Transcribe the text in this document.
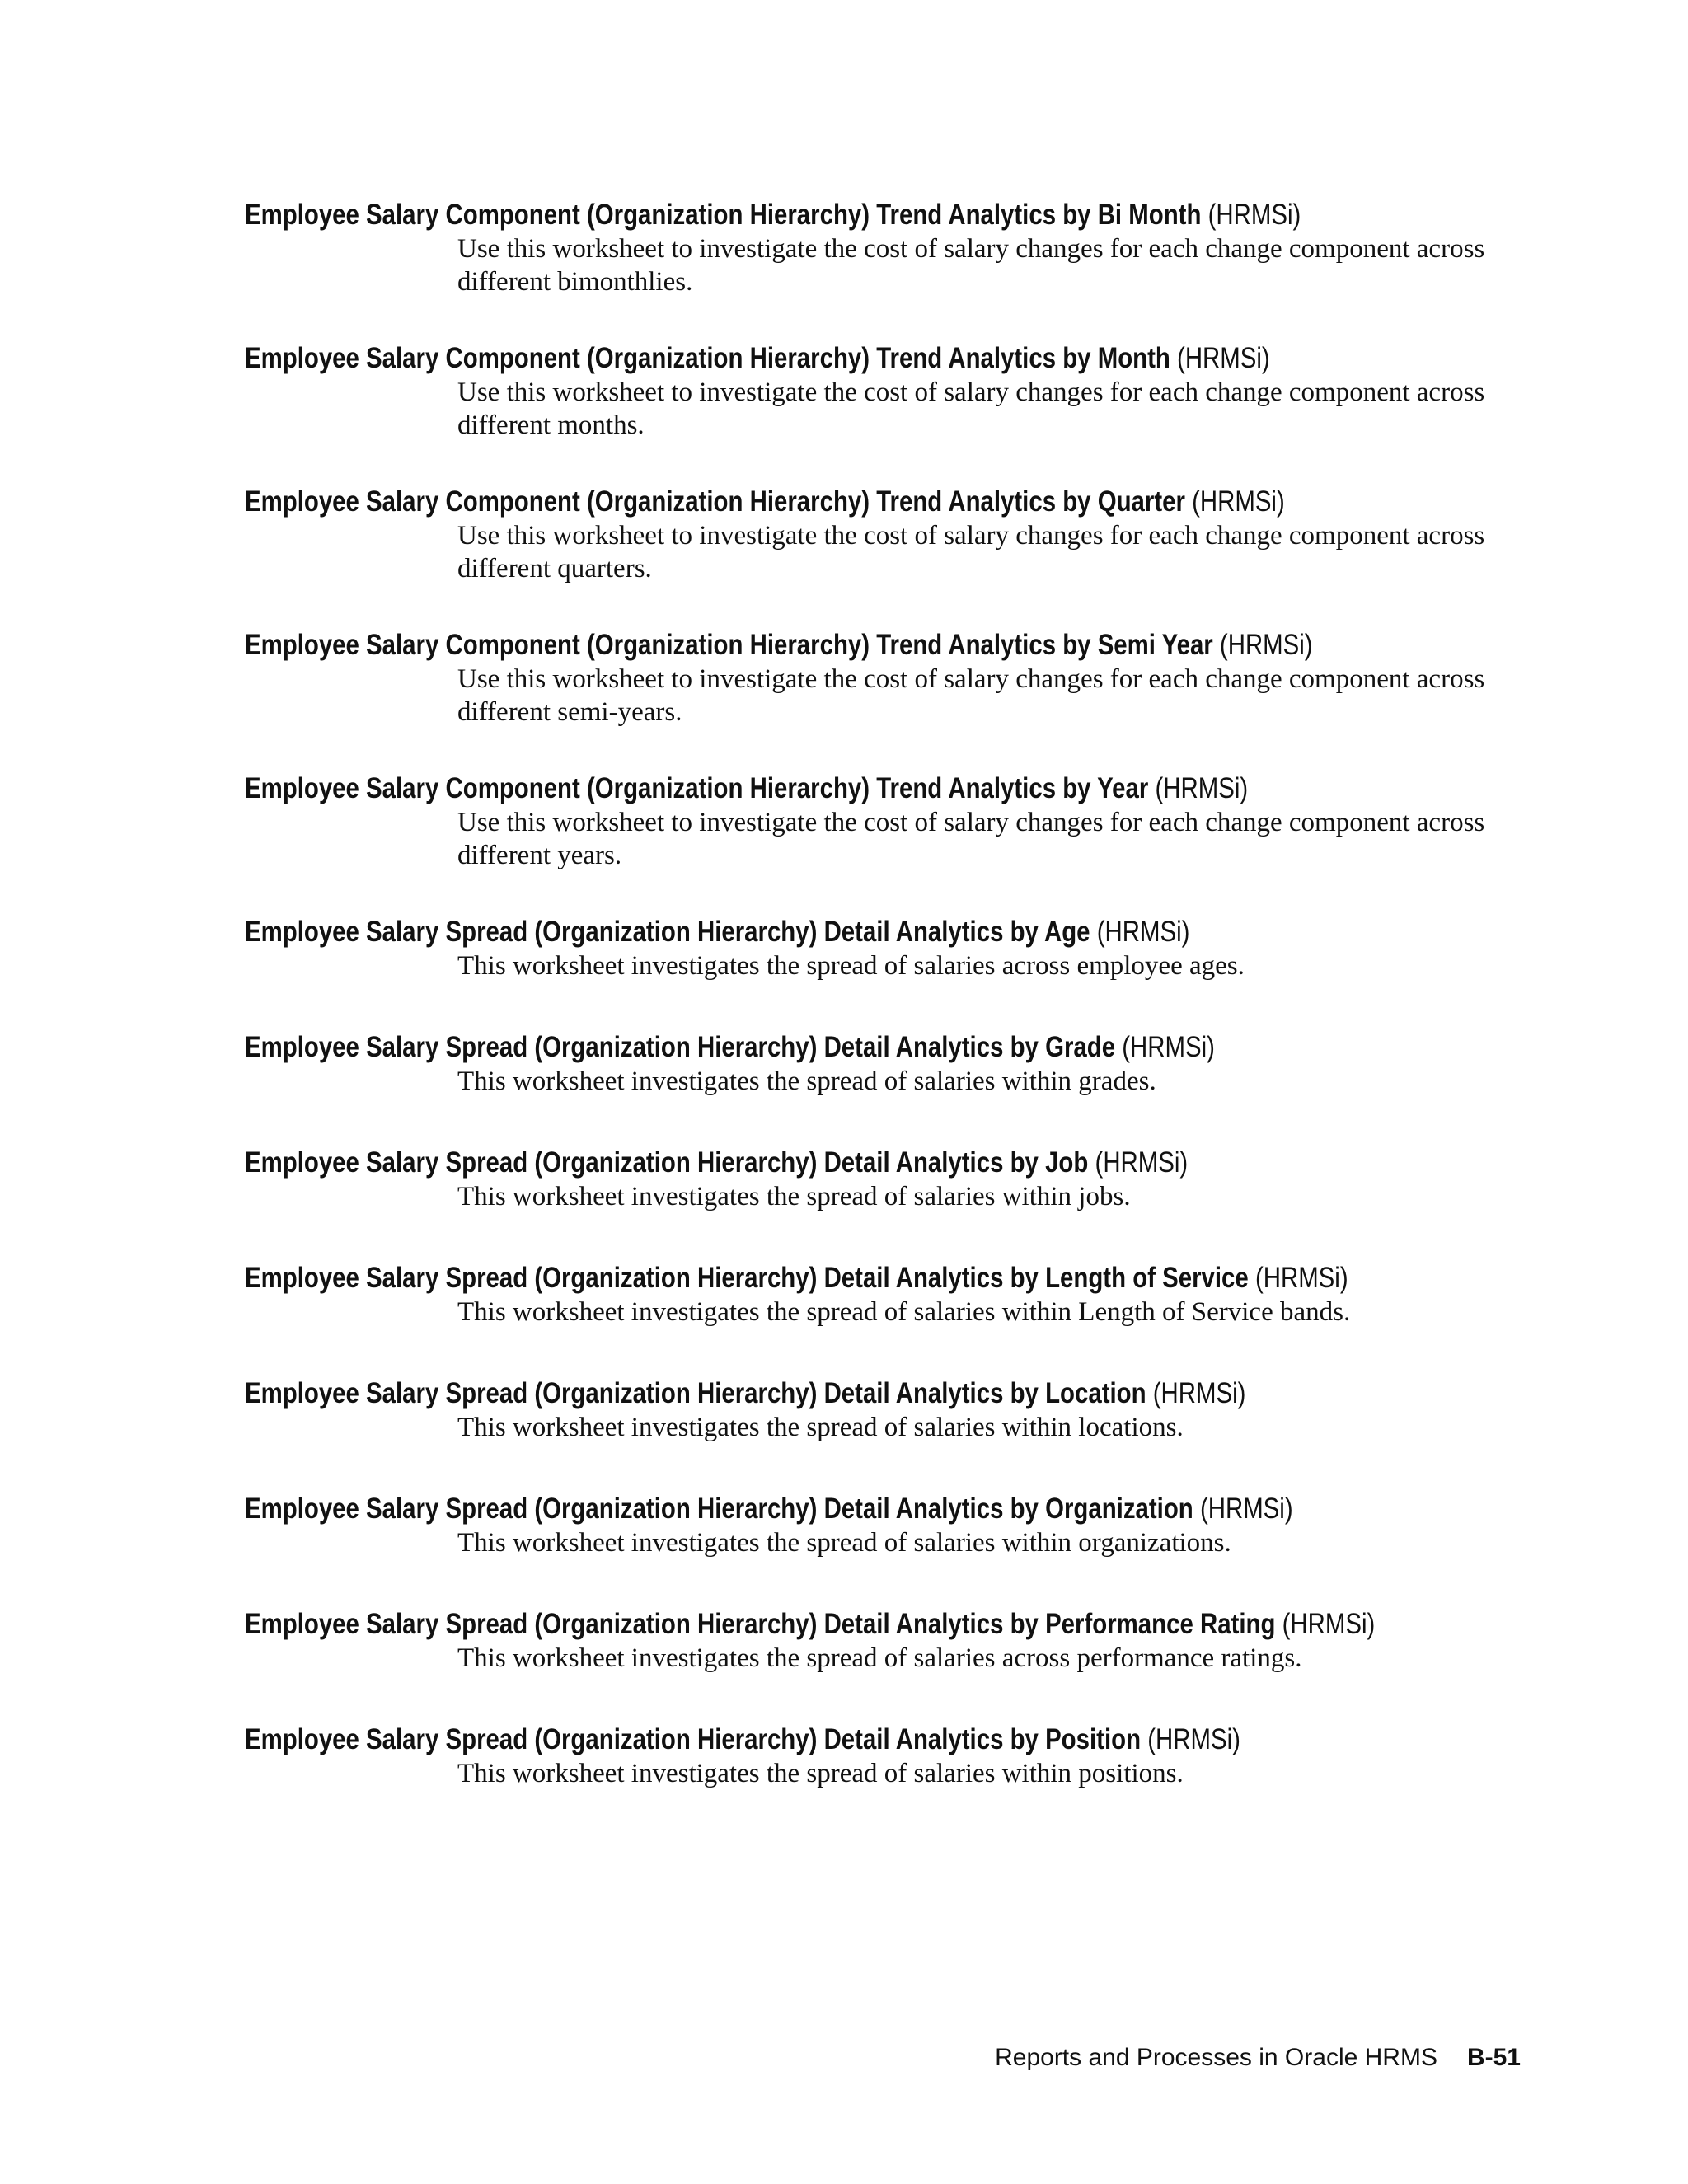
Employee Salary Component (Organization Hierarchy) Trend Analytics by Bi Month (HRMSi)
Use this worksheet to investigate the cost of salary changes for each change component across different bimonthlies.
Employee Salary Component (Organization Hierarchy) Trend Analytics by Month (HRMSi)
Use this worksheet to investigate the cost of salary changes for each change component across different months.
Employee Salary Component (Organization Hierarchy) Trend Analytics by Quarter (HRMSi)
Use this worksheet to investigate the cost of salary changes for each change component across different quarters.
Employee Salary Component (Organization Hierarchy) Trend Analytics by Semi Year (HRMSi)
Use this worksheet to investigate the cost of salary changes for each change component across different semi-years.
Employee Salary Component (Organization Hierarchy) Trend Analytics by Year (HRMSi)
Use this worksheet to investigate the cost of salary changes for each change component across different years.
Employee Salary Spread (Organization Hierarchy) Detail Analytics by Age (HRMSi)
This worksheet investigates the spread of salaries across employee ages.
Employee Salary Spread (Organization Hierarchy) Detail Analytics by Grade (HRMSi)
This worksheet investigates the spread of salaries within grades.
Employee Salary Spread (Organization Hierarchy) Detail Analytics by Job (HRMSi)
This worksheet investigates the spread of salaries within jobs.
Employee Salary Spread (Organization Hierarchy) Detail Analytics by Length of Service (HRMSi)
This worksheet investigates the spread of salaries within Length of Service bands.
Employee Salary Spread (Organization Hierarchy) Detail Analytics by Location (HRMSi)
This worksheet investigates the spread of salaries within locations.
Employee Salary Spread (Organization Hierarchy) Detail Analytics by Organization (HRMSi)
This worksheet investigates the spread of salaries within organizations.
Employee Salary Spread (Organization Hierarchy) Detail Analytics by Performance Rating (HRMSi)
This worksheet investigates the spread of salaries across performance ratings.
Employee Salary Spread (Organization Hierarchy) Detail Analytics by Position (HRMSi)
This worksheet investigates the spread of salaries within positions.
Reports and Processes in Oracle HRMS B-51
